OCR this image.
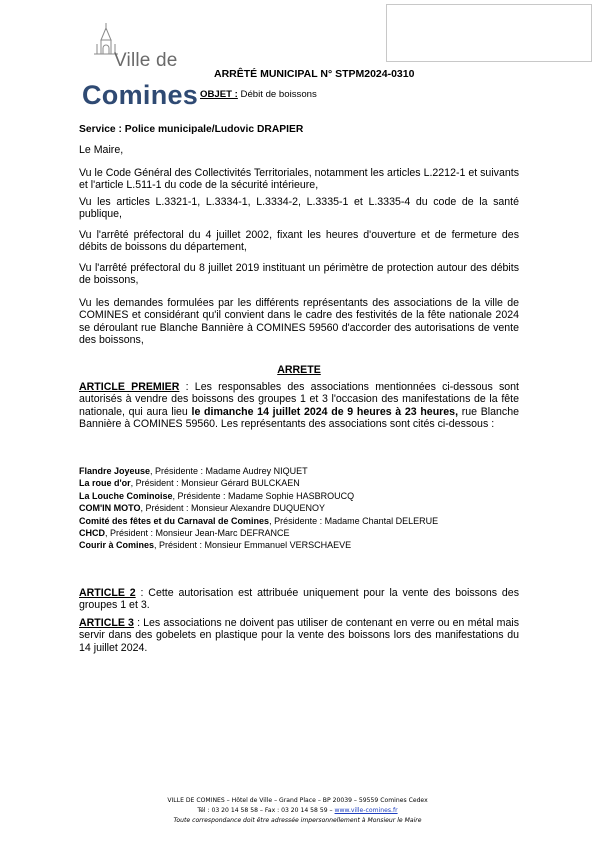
Ville de
Comines
ARRÊTÉ MUNICIPAL N° STPM2024-0310
OBJET : Débit de boissons
Service : Police municipale/Ludovic DRAPIER
Le Maire,
Vu le Code Général des Collectivités Territoriales, notamment les articles L.2212-1 et suivants et l'article L.511-1 du code de la sécurité intérieure,
Vu les articles L.3321-1, L.3334-1, L.3334-2, L.3335-1 et L.3335-4 du code de la santé publique,
Vu l'arrêté préfectoral du 4 juillet 2002, fixant les heures d'ouverture et de fermeture des débits de boissons du département,
Vu l'arrêté préfectoral du 8 juillet 2019 instituant un périmètre de protection autour des débits de boissons,
Vu les demandes formulées par les différents représentants des associations de la ville de COMINES et considérant qu'il convient dans le cadre des festivités de la fête nationale 2024 se déroulant rue Blanche Bannière à COMINES 59560 d'accorder des autorisations de vente des boissons,
ARRETE
ARTICLE PREMIER : Les responsables des associations mentionnées ci-dessous sont autorisés à vendre des boissons des groupes 1 et 3 l'occasion des manifestations de la fête nationale, qui aura lieu le dimanche 14 juillet 2024 de 9 heures à 23 heures, rue Blanche Bannière à COMINES 59560. Les représentants des associations sont cités ci-dessous :
Flandre Joyeuse, Présidente : Madame Audrey NIQUET
La roue d'or, Président : Monsieur Gérard BULCKAEN
La Louche Cominoise, Présidente : Madame Sophie HASBROUCQ
COM'IN MOTO, Président : Monsieur Alexandre DUQUENOY
Comité des fêtes et du Carnaval de Comines, Présidente : Madame Chantal DELERUE
CHCD, Président : Monsieur Jean-Marc DEFRANCE
Courir à Comines, Président : Monsieur Emmanuel VERSCHAEVE
ARTICLE 2 : Cette autorisation est attribuée uniquement pour la vente des boissons des groupes 1 et 3.
ARTICLE 3 : Les associations ne doivent pas utiliser de contenant en verre ou en métal mais servir dans des gobelets en plastique pour la vente des boissons lors des manifestations du 14 juillet 2024.
VILLE DE COMINES – Hôtel de Ville – Grand Place – BP 20039 – 59559 Comines Cedex
Tél : 03 20 14 58 58 – Fax : 03 20 14 58 59 – www.ville-comines.fr
Toute correspondance doit être adressée impersonnellement à Monsieur le Maire
